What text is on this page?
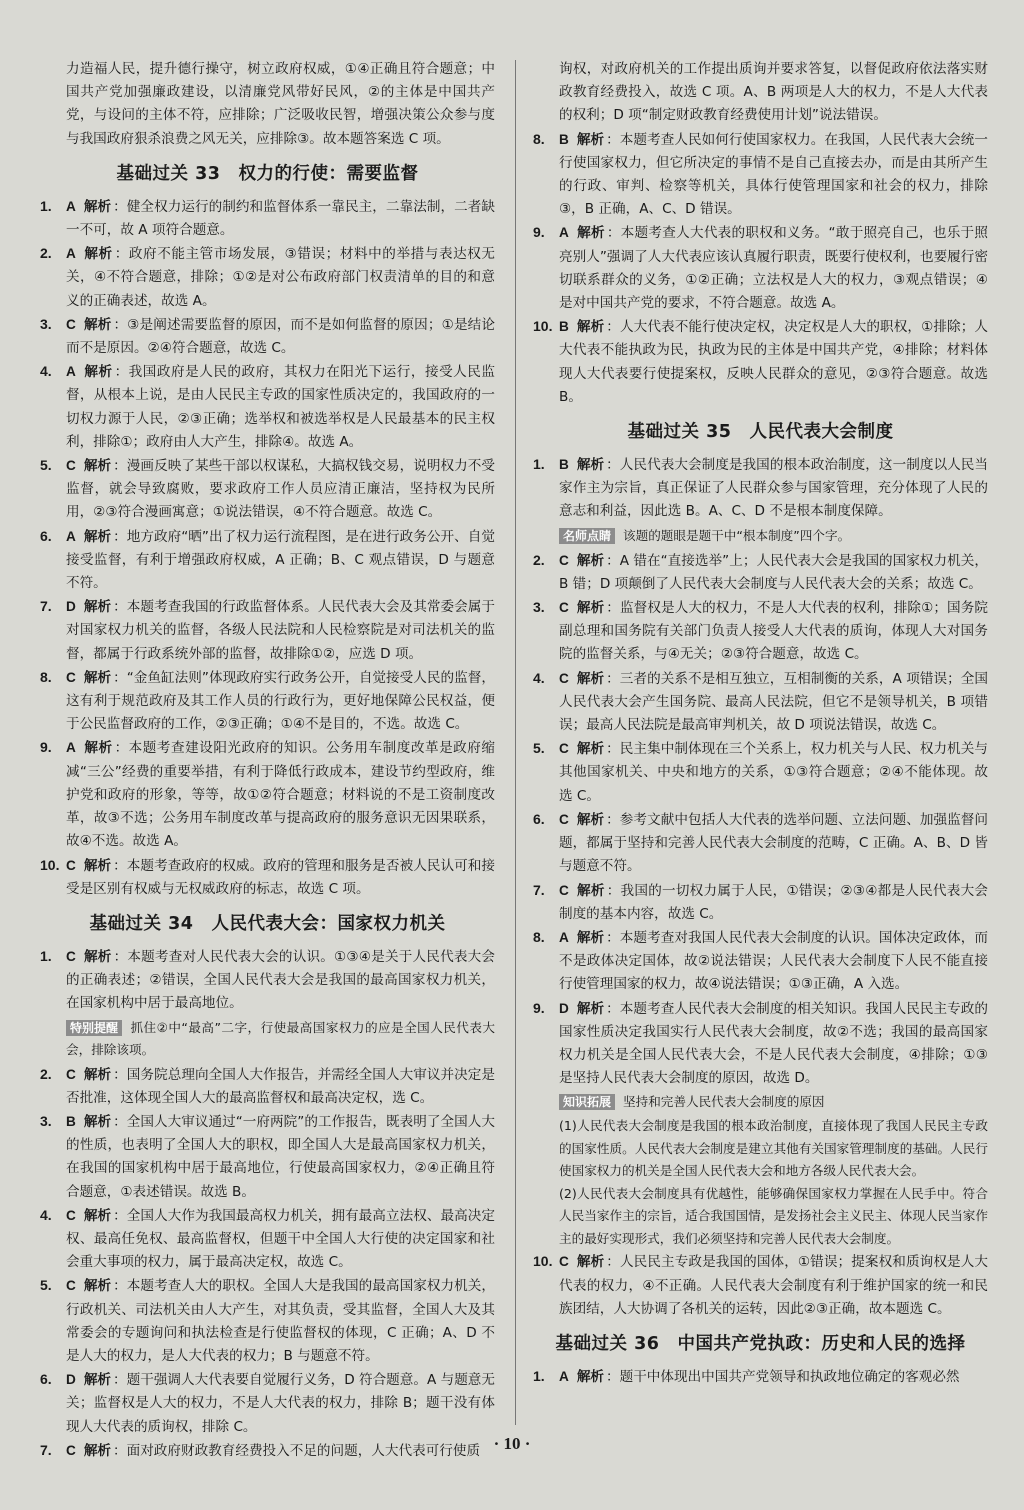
力造福人民，提升德行操守，树立政府权威，①④正确且符合题意；中国共产党加强廉政建设，以清廉党风带好民风，②的主体是中国共产党，与设问的主体不符，应排除；广泛吸收民智，增强决策公众参与度与我国政府狠杀浪费之风无关，应排除③。故本题答案选 C 项。

基础过关 33　权力的行使：需要监督

1. A 解析 ：健全权力运行的制约和监督体系一靠民主，二靠法制，二者缺一不可，故 A 项符合题意。

2. A 解析 ：政府不能主管市场发展，③错误；材料中的举措与表达权无关，④不符合题意，排除；①②是对公布政府部门权责清单的目的和意义的正确表述，故选 A。

3. C 解析 ：③是阐述需要监督的原因，而不是如何监督的原因；①是结论而不是原因。②④符合题意，故选 C。

4. A 解析 ：我国政府是人民的政府，其权力在阳光下运行，接受人民监督，从根本上说，是由人民民主专政的国家性质决定的，我国政府的一切权力源于人民，②③正确；选举权和被选举权是人民最基本的民主权利，排除①；政府由人大产生，排除④。故选 A。

5. C 解析 ：漫画反映了某些干部以权谋私，大搞权钱交易，说明权力不受监督，就会导致腐败，要求政府工作人员应清正廉洁，坚持权为民所用，②③符合漫画寓意；①说法错误，④不符合题意。故选 C。

6. A 解析 ：地方政府“晒”出了权力运行流程图，是在进行政务公开、自觉接受监督，有利于增强政府权威，A 正确；B、C 观点错误，D 与题意不符。

7. D 解析 ：本题考查我国的行政监督体系。人民代表大会及其常委会属于对国家权力机关的监督，各级人民法院和人民检察院是对司法机关的监督，都属于行政系统外部的监督，故排除①②，应选 D 项。

8. C 解析 ：“金鱼缸法则”体现政府实行政务公开，自觉接受人民的监督，这有利于规范政府及其工作人员的行政行为，更好地保障公民权益，便于公民监督政府的工作，②③正确；①④不是目的，不选。故选 C。

9. A 解析 ：本题考查建设阳光政府的知识。公务用车制度改革是政府缩减“三公”经费的重要举措，有利于降低行政成本，建设节约型政府，维护党和政府的形象，等等，故①②符合题意；材料说的不是工资制度改革，故③不选；公务用车制度改革与提高政府的服务意识无因果联系，故④不选。故选 A。

10. C 解析 ：本题考查政府的权威。政府的管理和服务是否被人民认可和接受是区别有权威与无权威政府的标志，故选 C 项。

基础过关 34　人民代表大会：国家权力机关

1. C 解析 ：本题考查对人民代表大会的认识。①③④是关于人民代表大会的正确表述；②错误，全国人民代表大会是我国的最高国家权力机关，在国家机构中居于最高地位。

特别提醒 抓住②中“最高”二字，行使最高国家权力的应是全国人民代表大会，排除该项。

2. C 解析 ：国务院总理向全国人大作报告，并需经全国人大审议并决定是否批准，这体现全国人大的最高监督权和最高决定权，选 C。

3. B 解析 ：全国人大审议通过“一府两院”的工作报告，既表明了全国人大的性质，也表明了全国人大的职权，即全国人大是最高国家权力机关，在我国的国家机构中居于最高地位，行使最高国家权力，②④正确且符合题意，①表述错误。故选 B。

4. C 解析 ：全国人大作为我国最高权力机关，拥有最高立法权、最高决定权、最高任免权、最高监督权，但题干中全国人大行使的决定国家和社会重大事项的权力，属于最高决定权，故选 C。

5. C 解析 ：本题考查人大的职权。全国人大是我国的最高国家权力机关，行政机关、司法机关由人大产生，对其负责，受其监督，全国人大及其常委会的专题询问和执法检查是行使监督权的体现，C 正确；A、D 不是人大的权力，是人大代表的权力；B 与题意不符。

6. D 解析 ：题干强调人大代表要自觉履行义务，D 符合题意。A 与题意无关；监督权是人大的权力，不是人大代表的权力，排除 B；题干没有体现人大代表的质询权，排除 C。

7. C 解析 ：面对政府财政教育经费投入不足的问题，人大代表可行使质

询权，对政府机关的工作提出质询并要求答复，以督促政府依法落实财政教育经费投入，故选 C 项。A、B 两项是人大的权力，不是人大代表的权利；D 项“制定财政教育经费使用计划”说法错误。

8. B 解析 ：本题考查人民如何行使国家权力。在我国，人民代表大会统一行使国家权力，但它所决定的事情不是自己直接去办，而是由其所产生的行政、审判、检察等机关，具体行使管理国家和社会的权力，排除③，B 正确，A、C、D 错误。

9. A 解析 ：本题考查人大代表的职权和义务。“敢于照亮自己，也乐于照亮别人”强调了人大代表应该认真履行职责，既要行使权利，也要履行密切联系群众的义务，①②正确；立法权是人大的权力，③观点错误；④是对中国共产党的要求，不符合题意。故选 A。

10. B 解析 ：人大代表不能行使决定权，决定权是人大的职权，①排除；人大代表不能执政为民，执政为民的主体是中国共产党，④排除；材料体现人大代表要行使提案权，反映人民群众的意见，②③符合题意。故选 B。

基础过关 35　人民代表大会制度

1. B 解析 ：人民代表大会制度是我国的根本政治制度，这一制度以人民当家作主为宗旨，真正保证了人民群众参与国家管理，充分体现了人民的意志和利益，因此选 B。A、C、D 不是根本制度保障。

名师点睛 该题的题眼是题干中“根本制度”四个字。

2. C 解析 ：A 错在“直接选举”上；人民代表大会是我国的国家权力机关，B 错；D 项颠倒了人民代表大会制度与人民代表大会的关系；故选 C。

3. C 解析 ：监督权是人大的权力，不是人大代表的权利，排除①；国务院副总理和国务院有关部门负责人接受人大代表的质询，体现人大对国务院的监督关系，与④无关；②③符合题意，故选 C。

4. C 解析 ：三者的关系不是相互独立，互相制衡的关系，A 项错误；全国人民代表大会产生国务院、最高人民法院，但它不是领导机关，B 项错误；最高人民法院是最高审判机关，故 D 项说法错误，故选 C。

5. C 解析 ：民主集中制体现在三个关系上，权力机关与人民、权力机关与其他国家机关、中央和地方的关系，①③符合题意；②④不能体现。故选 C。

6. C 解析 ：参考文献中包括人大代表的选举问题、立法问题、加强监督问题，都属于坚持和完善人民代表大会制度的范畴，C 正确。A、B、D 皆与题意不符。

7. C 解析 ：我国的一切权力属于人民，①错误；②③④都是人民代表大会制度的基本内容，故选 C。

8. A 解析 ：本题考查对我国人民代表大会制度的认识。国体决定政体，而不是政体决定国体，故②说法错误；人民代表大会制度下人民不能直接行使管理国家的权力，故④说法错误；①③正确，A 入选。

9. D 解析 ：本题考查人民代表大会制度的相关知识。我国人民民主专政的国家性质决定我国实行人民代表大会制度，故②不选；我国的最高国家权力机关是全国人民代表大会，不是人民代表大会制度，④排除；①③是坚持人民代表大会制度的原因，故选 D。

知识拓展 坚持和完善人民代表大会制度的原因

(1)人民代表大会制度是我国的根本政治制度，直接体现了我国人民民主专政的国家性质。人民代表大会制度是建立其他有关国家管理制度的基础。人民行使国家权力的机关是全国人民代表大会和地方各级人民代表大会。

(2)人民代表大会制度具有优越性，能够确保国家权力掌握在人民手中。符合人民当家作主的宗旨，适合我国国情，是发扬社会主义民主、体现人民当家作主的最好实现形式，我们必须坚持和完善人民代表大会制度。

10. C 解析 ：人民民主专政是我国的国体，①错误；提案权和质询权是人大代表的权力，④不正确。人民代表大会制度有利于维护国家的统一和民族团结，人大协调了各机关的运转，因此②③正确，故本题选 C。

基础过关 36　中国共产党执政：历史和人民的选择

1. A 解析 ：题干中体现出中国共产党领导和执政地位确定的客观必然

· 10 ·
